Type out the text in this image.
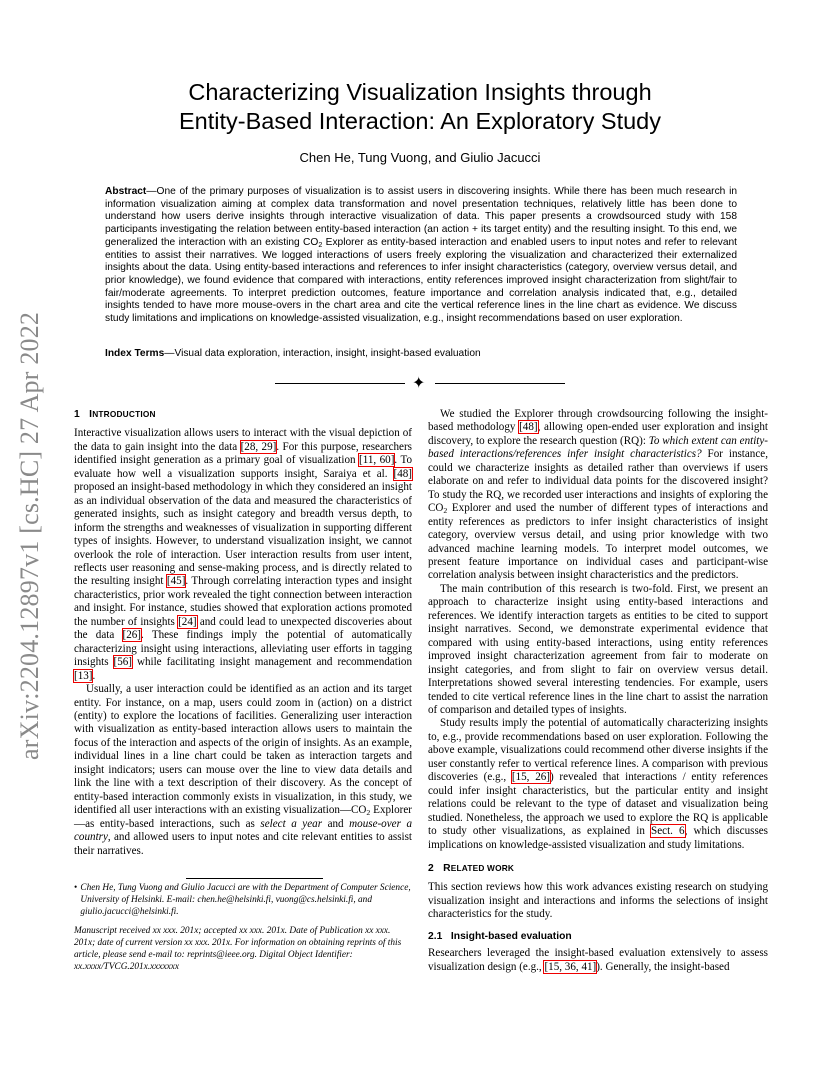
arXiv:2204.12897v1 [cs.HC] 27 Apr 2022
Characterizing Visualization Insights through
Entity-Based Interaction: An Exploratory Study
Chen He, Tung Vuong, and Giulio Jacucci
Abstract—One of the primary purposes of visualization is to assist users in discovering insights. While there has been much research in information visualization aiming at complex data transformation and novel presentation techniques, relatively little has been done to understand how users derive insights through interactive visualization of data. This paper presents a crowdsourced study with 158 participants investigating the relation between entity-based interaction (an action + its target entity) and the resulting insight. To this end, we generalized the interaction with an existing $CO_2$ Explorer as entity-based interaction and enabled users to input notes and refer to relevant entities to assist their narratives. We logged interactions of users freely exploring the visualization and characterized their externalized insights about the data. Using entity-based interactions and references to infer insight characteristics (category, overview versus detail, and prior knowledge), we found evidence that compared with interactions, entity references improved insight characterization from slight/fair to fair/moderate agreements. To interpret prediction outcomes, feature importance and correlation analysis indicated that, e.g., detailed insights tended to have more mouse-overs in the chart area and cite the vertical reference lines in the line chart as evidence. We discuss study limitations and implications on knowledge-assisted visualization, e.g., insight recommendations based on user exploration.
Index Terms—Visual data exploration, interaction, insight, insight-based evaluation
✦
1 INTRODUCTION

Interactive visualization allows users to interact with the visual depiction of the data to gain insight into the data [28, 29]. For this purpose, researchers identified insight generation as a primary goal of visualization [11, 60]. To evaluate how well a visualization supports insight, Saraiya et al. [48] proposed an insight-based methodology in which they considered an insight as an individual observation of the data and measured the characteristics of generated insights, such as insight category and breadth versus depth, to inform the strengths and weaknesses of visualization in supporting different types of insights. However, to understand visualization insight, we cannot overlook the role of interaction. User interaction results from user intent, reflects user reasoning and sense-making process, and is directly related to the resulting insight [45]. Through correlating interaction types and insight characteristics, prior work revealed the tight connection between interaction and insight. For instance, studies showed that exploration actions promoted the number of insights [24] and could lead to unexpected discoveries about the data [26]. These findings imply the potential of automatically characterizing insight using interactions, alleviating user efforts in tagging insights [56] while facilitating insight management and recommendation [13].

Usually, a user interaction could be identified as an action and its target entity. For instance, on a map, users could zoom in (action) on a district (entity) to explore the locations of facilities. Generalizing user interaction with visualization as entity-based interaction allows users to maintain the focus of the interaction and aspects of the origin of insights. As an example, individual lines in a line chart could be taken as interaction targets and insight indicators; users can mouse over the line to view data details and link the line with a text description of their discovery. As the concept of entity-based interaction commonly exists in visualization, in this study, we identified all user interactions with an existing $visualization—CO_2$ Explorer—as entity-based interactions, such as select a year and mouse-over a country, and allowed users to input notes and cite relevant entities to assist their narratives.

• Chen He, Tung Vuong and Giulio Jacucci are with the Department of Computer Science, University of Helsinki. E-mail: chen.he@helsinki.fi, vuong@cs.helsinki.fi, and giulio.jacucci@helsinki.fi.
Manuscript received xx xxx. 201x; accepted xx xxx. 201x. Date of Publication xx xxx. 201x; date of current version xx xxx. 201x. For information on obtaining reprints of this article, please send e-mail to: reprints@ieee.org. Digital Object Identifier: xx.xxxx/TVCG.201x.xxxxxxx

We studied the Explorer through crowdsourcing following the insight-based methodology [48], allowing open-ended user exploration and insight discovery, to explore the research question (RQ): To which extent can entity-based interactions/references infer insight characteristics? For instance, could we characterize insights as detailed rather than overviews if users elaborate on and refer to individual data points for the discovered insight? To study the RQ, we recorded user interactions and insights of exploring the $CO_2$ Explorer and used the number of different types of interactions and entity references as predictors to infer insight characteristics of insight category, overview versus detail, and using prior knowledge with two advanced machine learning models. To interpret model outcomes, we present feature importance on individual cases and participant-wise correlation analysis between insight characteristics and the predictors.

The main contribution of this research is two-fold. First, we present an approach to characterize insight using entity-based interactions and references. We identify interaction targets as entities to be cited to support insight narratives. Second, we demonstrate experimental evidence that compared with using entity-based interactions, using entity references improved insight characterization agreement from fair to moderate on insight categories, and from slight to fair on overview versus detail. Interpretations showed several interesting tendencies. For example, users tended to cite vertical reference lines in the line chart to assist the narration of comparison and detailed types of insights.

Study results imply the potential of automatically characterizing insights to, e.g., provide recommendations based on user exploration. Following the above example, visualizations could recommend other diverse insights if the user constantly refer to vertical reference lines. A comparison with previous discoveries (e.g., [15, 26]) revealed that interactions / entity references could infer insight characteristics, but the particular entity and insight relations could be relevant to the type of dataset and visualization being studied. Nonetheless, the approach we used to explore the RQ is applicable to study other visualizations, as explained in Sect. 6, which discusses implications on knowledge-assisted visualization and study limitations.

2 RELATED WORK

This section reviews how this work advances existing research on studying visualization insight and interactions and informs the selections of insight characteristics for the study.

2.1 Insight-based evaluation

Researchers leveraged the insight-based evaluation extensively to assess visualization design (e.g., [15, 36, 41]). Generally, the insight-based
